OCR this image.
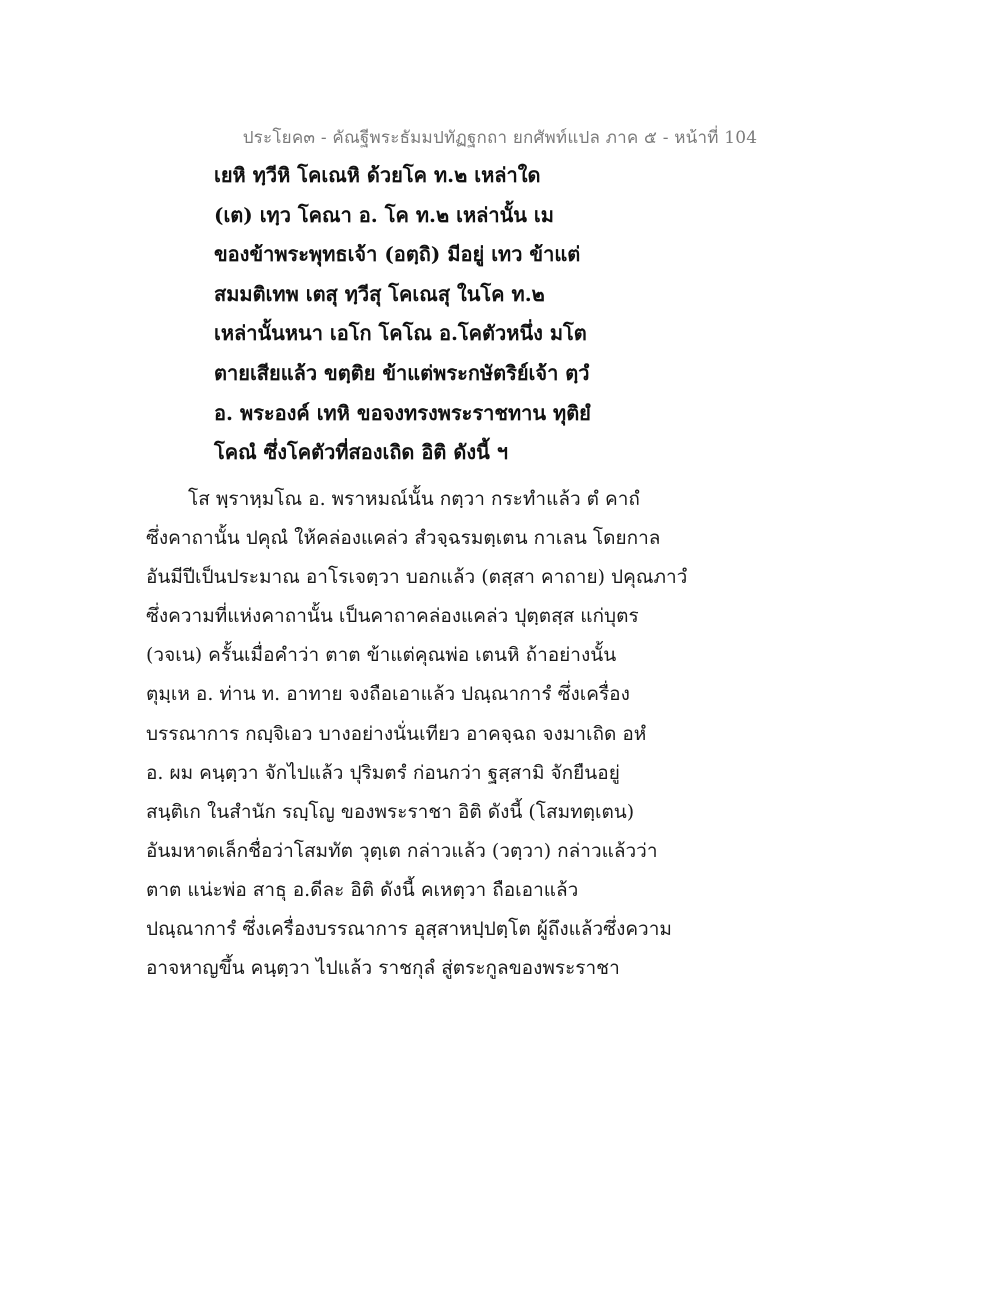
ประโยค๓ - คัณฐีพระธัมมปทัฏฐกถา ยกศัพท์แปล ภาค ๕ - หน้าที่ 104
เยหิ ทฺวีหิ โคเณหิ ด้วยโค ท.๒ เหล่าใด
(เต) เทฺว โคณา อ. โค ท.๒ เหล่านั้น เม
ของข้าพระพุทธเจ้า (อตฺถิ) มีอยู่ เทว ข้าแต่
สมมติเทพ เตสุ ทฺวีสุ โคเณสุ ในโค ท.๒
เหล่านั้นหนา เอโก โคโณ อ.โคตัวหนึ่ง มโต
ตายเสียแล้ว ขตฺติย ข้าแต่พระกษัตริย์เจ้า ตฺวํ
อ. พระองค์ เทหิ ขอจงทรงพระราชทาน ทุติยํ
โคณํ ซึ่งโคตัวที่สองเถิด อิติ ดังนี้ ฯ
โส พฺราหฺมโณ อ. พราหมณ์นั้น กตฺวา กระทำแล้ว ตํ คาถํ
ซึ่งคาถานั้น ปคุณํ ให้คล่องแคล่ว สํวจฺฉรมตฺเตน กาเลน โดยกาล
อันมีปีเป็นประมาณ อาโรเจตฺวา บอกแล้ว (ตสฺสา คาถาย) ปคุณภาวํ
ซึ่งความที่แห่งคาถานั้น เป็นคาถาคล่องแคล่ว ปุตฺตสฺส แก่บุตร
(วจเน) ครั้นเมื่อคำว่า ตาต ข้าแต่คุณพ่อ เตนหิ ถ้าอย่างนั้น
ตุมฺเห อ. ท่าน ท. อาทาย จงถือเอาแล้ว ปณฺณาการํ ซึ่งเครื่อง
บรรณาการ กญฺจิเอว บางอย่างนั่นเทียว อาคจฺฉถ จงมาเถิด อหํ
อ. ผม คนฺตฺวา จักไปแล้ว ปุริมตรํ ก่อนกว่า ฐสฺสามิ จักยืนอยู่
สนฺติเก ในสำนัก รญฺโญ ของพระราชา อิติ ดังนี้ (โสมทตฺเตน)
อันมหาดเล็กชื่อว่าโสมทัต วุตฺเต กล่าวแล้ว (วตฺวา) กล่าวแล้วว่า
ตาต แน่ะพ่อ สาธุ อ.ดีละ อิติ ดังนี้ คเหตฺวา ถือเอาแล้ว
ปณฺณาการํ ซึ่งเครื่องบรรณาการ อุสฺสาหปฺปตฺโต ผู้ถึงแล้วซึ่งความ
อาจหาญขึ้น คนฺตฺวา ไปแล้ว ราชกุลํ สู่ตระกูลของพระราชา
